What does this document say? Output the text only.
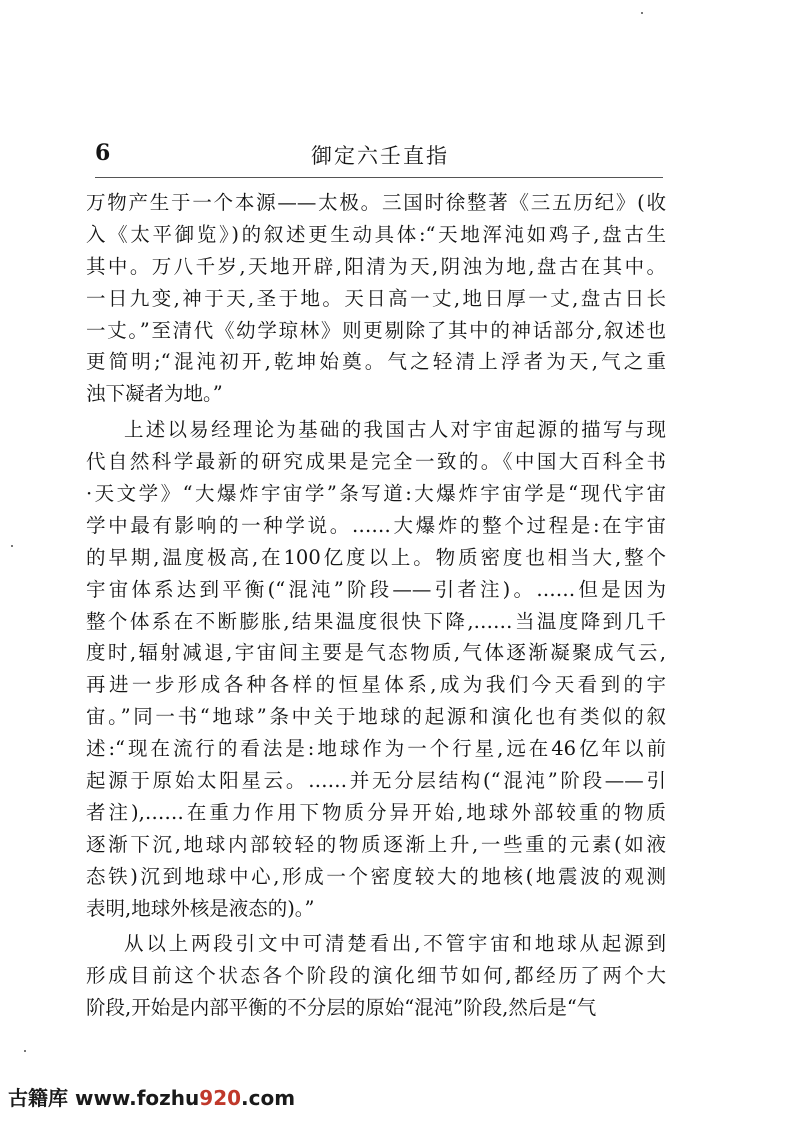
6	御定六壬直指
万物产生于一个本源——太极。三国时徐整著《三五历纪》(收
入《太平御览》)的叙述更生动具体:“天地浑沌如鸡子,盘古生
其中。万八千岁,天地开辟,阳清为天,阴浊为地,盘古在其中。
一日九变,神于天,圣于地。天日高一丈,地日厚一丈,盘古日长
一丈。”至清代《幼学琼林》则更剔除了其中的神话部分,叙述也
更简明;“混沌初开,乾坤始奠。气之轻清上浮者为天,气之重
浊下凝者为地。”
上述以易经理论为基础的我国古人对宇宙起源的描写与现
代自然科学最新的研究成果是完全一致的。《中国大百科全书
·天文学》“大爆炸宇宙学”条写道:大爆炸宇宙学是“现代宇宙
学中最有影响的一种学说。……大爆炸的整个过程是:在宇宙
的早期,温度极高,在100亿度以上。物质密度也相当大,整个
宇宙体系达到平衡(“混沌”阶段——引者注)。……但是因为
整个体系在不断膨胀,结果温度很快下降,……当温度降到几千
度时,辐射减退,宇宙间主要是气态物质,气体逐渐凝聚成气云,
再进一步形成各种各样的恒星体系,成为我们今天看到的宇
宙。”同一书“地球”条中关于地球的起源和演化也有类似的叙
述:“现在流行的看法是:地球作为一个行星,远在46亿年以前
起源于原始太阳星云。……并无分层结构(“混沌”阶段——引
者注),……在重力作用下物质分异开始,地球外部较重的物质
逐渐下沉,地球内部较轻的物质逐渐上升,一些重的元素(如液
态铁)沉到地球中心,形成一个密度较大的地核(地震波的观测
表明,地球外核是液态的)。”
从以上两段引文中可清楚看出,不管宇宙和地球从起源到
形成目前这个状态各个阶段的演化细节如何,都经历了两个大
阶段,开始是内部平衡的不分层的原始“混沌”阶段,然后是“气
古籍库 www.fozhu920.com
